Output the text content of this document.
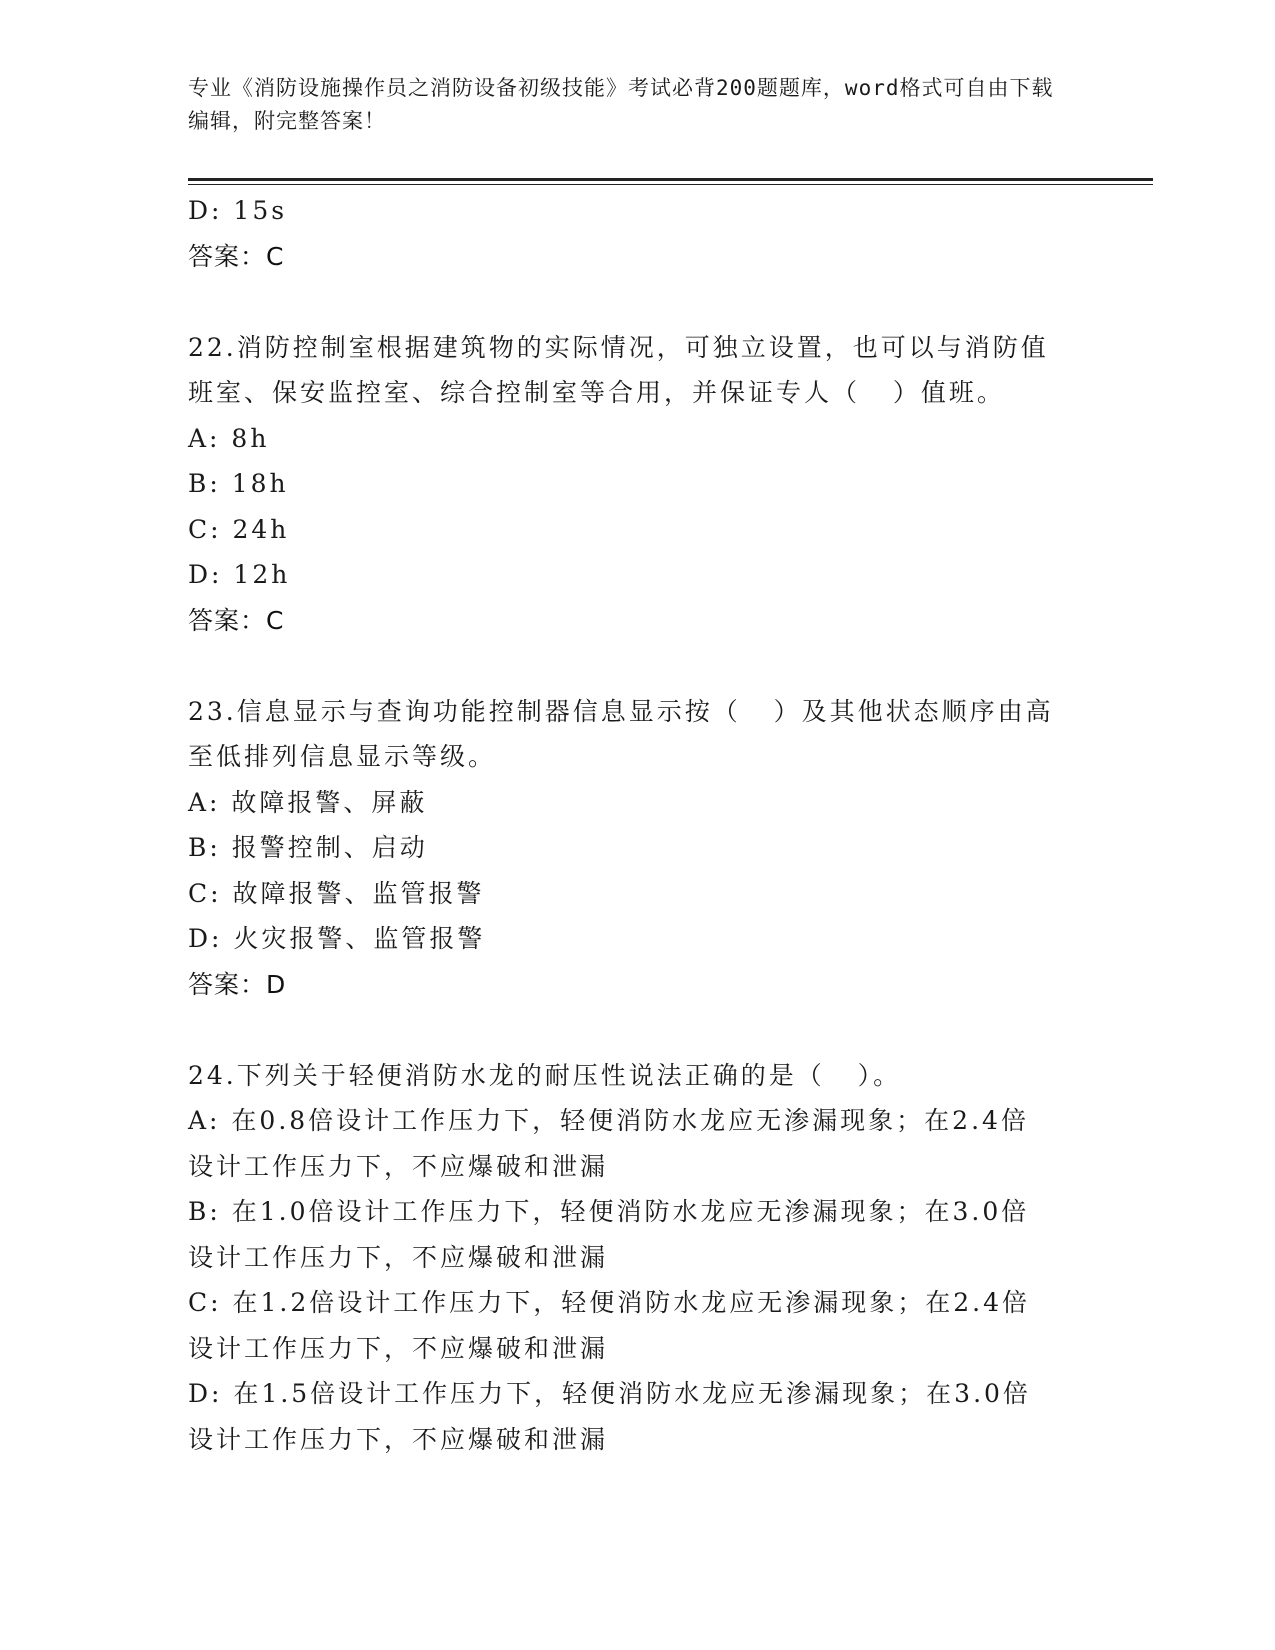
专业《消防设施操作员之消防设备初级技能》考试必背200题题库，word格式可自由下载编辑，附完整答案！
D: 15s
答案：C
22.消防控制室根据建筑物的实际情况，可独立设置，也可以与消防值
班室、保安监控室、综合控制室等合用，并保证专人（   ）值班。
A: 8h
B: 18h
C: 24h
D: 12h
答案：C
23.信息显示与查询功能控制器信息显示按（   ）及其他状态顺序由高
至低排列信息显示等级。
A: 故障报警、屏蔽
B: 报警控制、启动
C: 故障报警、监管报警
D: 火灾报警、监管报警
答案：D
24.下列关于轻便消防水龙的耐压性说法正确的是（   ）。
A: 在0.8倍设计工作压力下，轻便消防水龙应无渗漏现象；在2.4倍
设计工作压力下，不应爆破和泄漏
B: 在1.0倍设计工作压力下，轻便消防水龙应无渗漏现象；在3.0倍
设计工作压力下，不应爆破和泄漏
C: 在1.2倍设计工作压力下，轻便消防水龙应无渗漏现象；在2.4倍
设计工作压力下，不应爆破和泄漏
D: 在1.5倍设计工作压力下，轻便消防水龙应无渗漏现象；在3.0倍
设计工作压力下，不应爆破和泄漏
